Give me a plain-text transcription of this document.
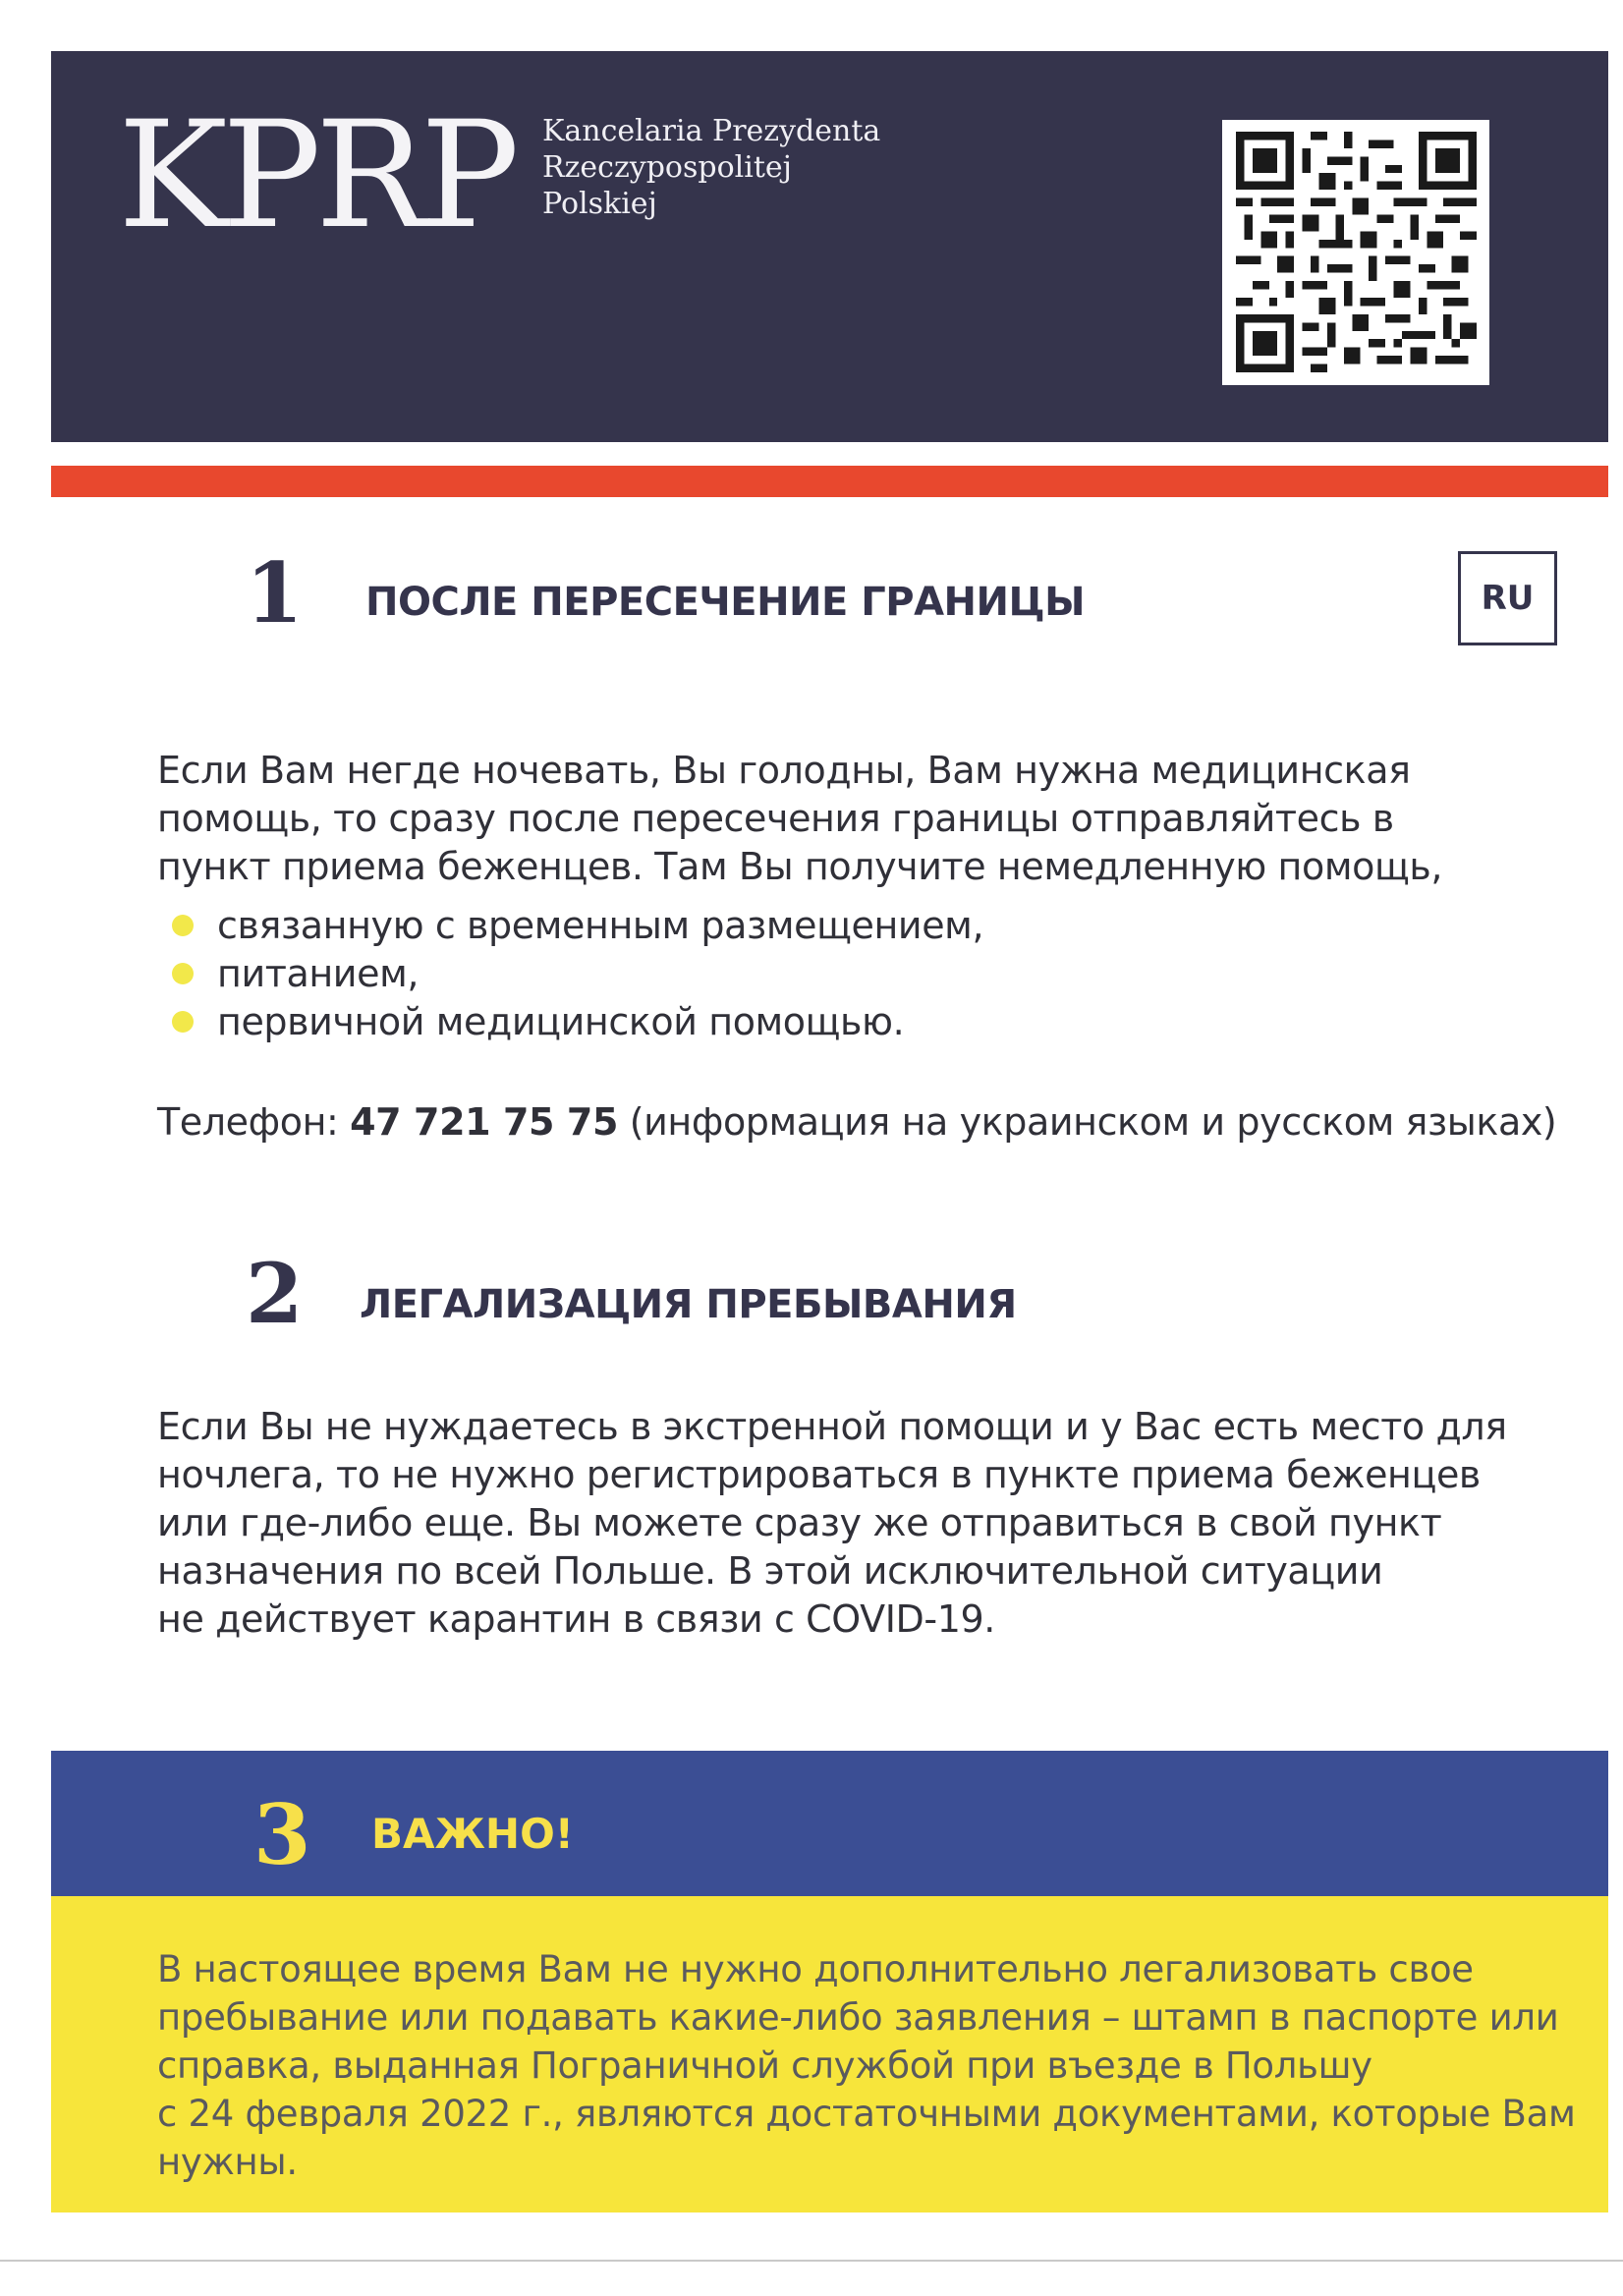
KPRP Kancelaria Prezydenta
Rzeczypospolitej
Polskiej
1 ПОСЛЕ ПЕРЕСЕЧЕНИЕ ГРАНИЦЫ	RU
Если Вам негде ночевать, Вы голодны, Вам нужна медицинская
помощь, то сразу после пересечения границы отправляйтесь в
пункт приема беженцев. Там Вы получите немедленную помощь,
связанную с временным размещением,
питанием,
первичной медицинской помощью.
Телефон: 47 721 75 75 (информация на украинском и русском языках)
2 ЛЕГАЛИЗАЦИЯ ПРЕБЫВАНИЯ
Если Вы не нуждаетесь в экстренной помощи и у Вас есть место для
ночлега, то не нужно регистрироваться в пункте приема беженцев
или где-либо еще. Вы можете сразу же отправиться в свой пункт
назначения по всей Польше. В этой исключительной ситуации
не действует карантин в связи с COVID-19.
3 ВАЖНО!
В настоящее время Вам не нужно дополнительно легализовать свое
пребывание или подавать какие-либо заявления – штамп в паспорте или
справка, выданная Пограничной службой при въезде в Польшу
с 24 февраля 2022 г., являются достаточными документами, которые Вам
нужны.
